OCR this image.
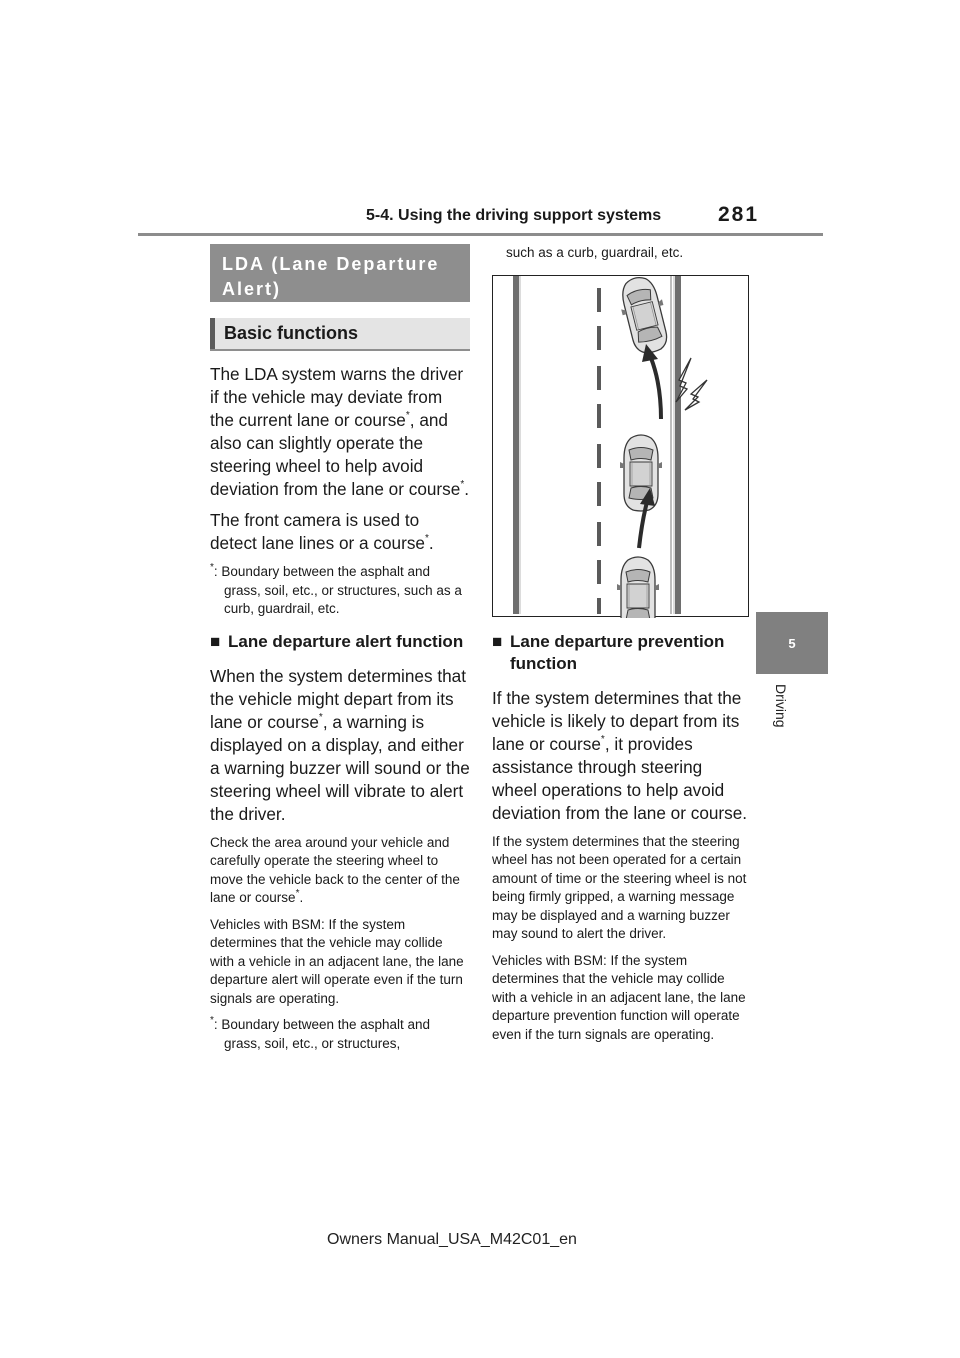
5-4. Using the driving support systems	281
5
Driving
LDA (Lane Departure Alert)
Basic functions

The LDA system warns the driver if the vehicle may deviate from the current lane or course*, and also can slightly operate the steering wheel to help avoid deviation from the lane or course*.

The front camera is used to detect lane lines or a course*.

*: Boundary between the asphalt and grass, soil, etc., or structures, such as a curb, guardrail, etc.

■ Lane departure alert function

When the system determines that the vehicle might depart from its lane or course*, a warning is displayed on a display, and either a warning buzzer will sound or the steering wheel will vibrate to alert the driver.

Check the area around your vehicle and carefully operate the steering wheel to move the vehicle back to the center of the lane or course*.

Vehicles with BSM: If the system determines that the vehicle may collide with a vehicle in an adjacent lane, the lane departure alert will operate even if the turn signals are operating.

*: Boundary between the asphalt and grass, soil, etc., or structures,

such as a curb, guardrail, etc.

■ Lane departure prevention function

If the system determines that the vehicle is likely to depart from its lane or course*, it provides assistance through steering wheel operations to help avoid deviation from the lane or course.

If the system determines that the steering wheel has not been operated for a certain amount of time or the steering wheel is not being firmly gripped, a warning message may be displayed and a warning buzzer may sound to alert the driver.

Vehicles with BSM: If the system determines that the vehicle may collide with a vehicle in an adjacent lane, the lane departure prevention function will operate even if the turn signals are operating.

Owners Manual_USA_M42C01_en
